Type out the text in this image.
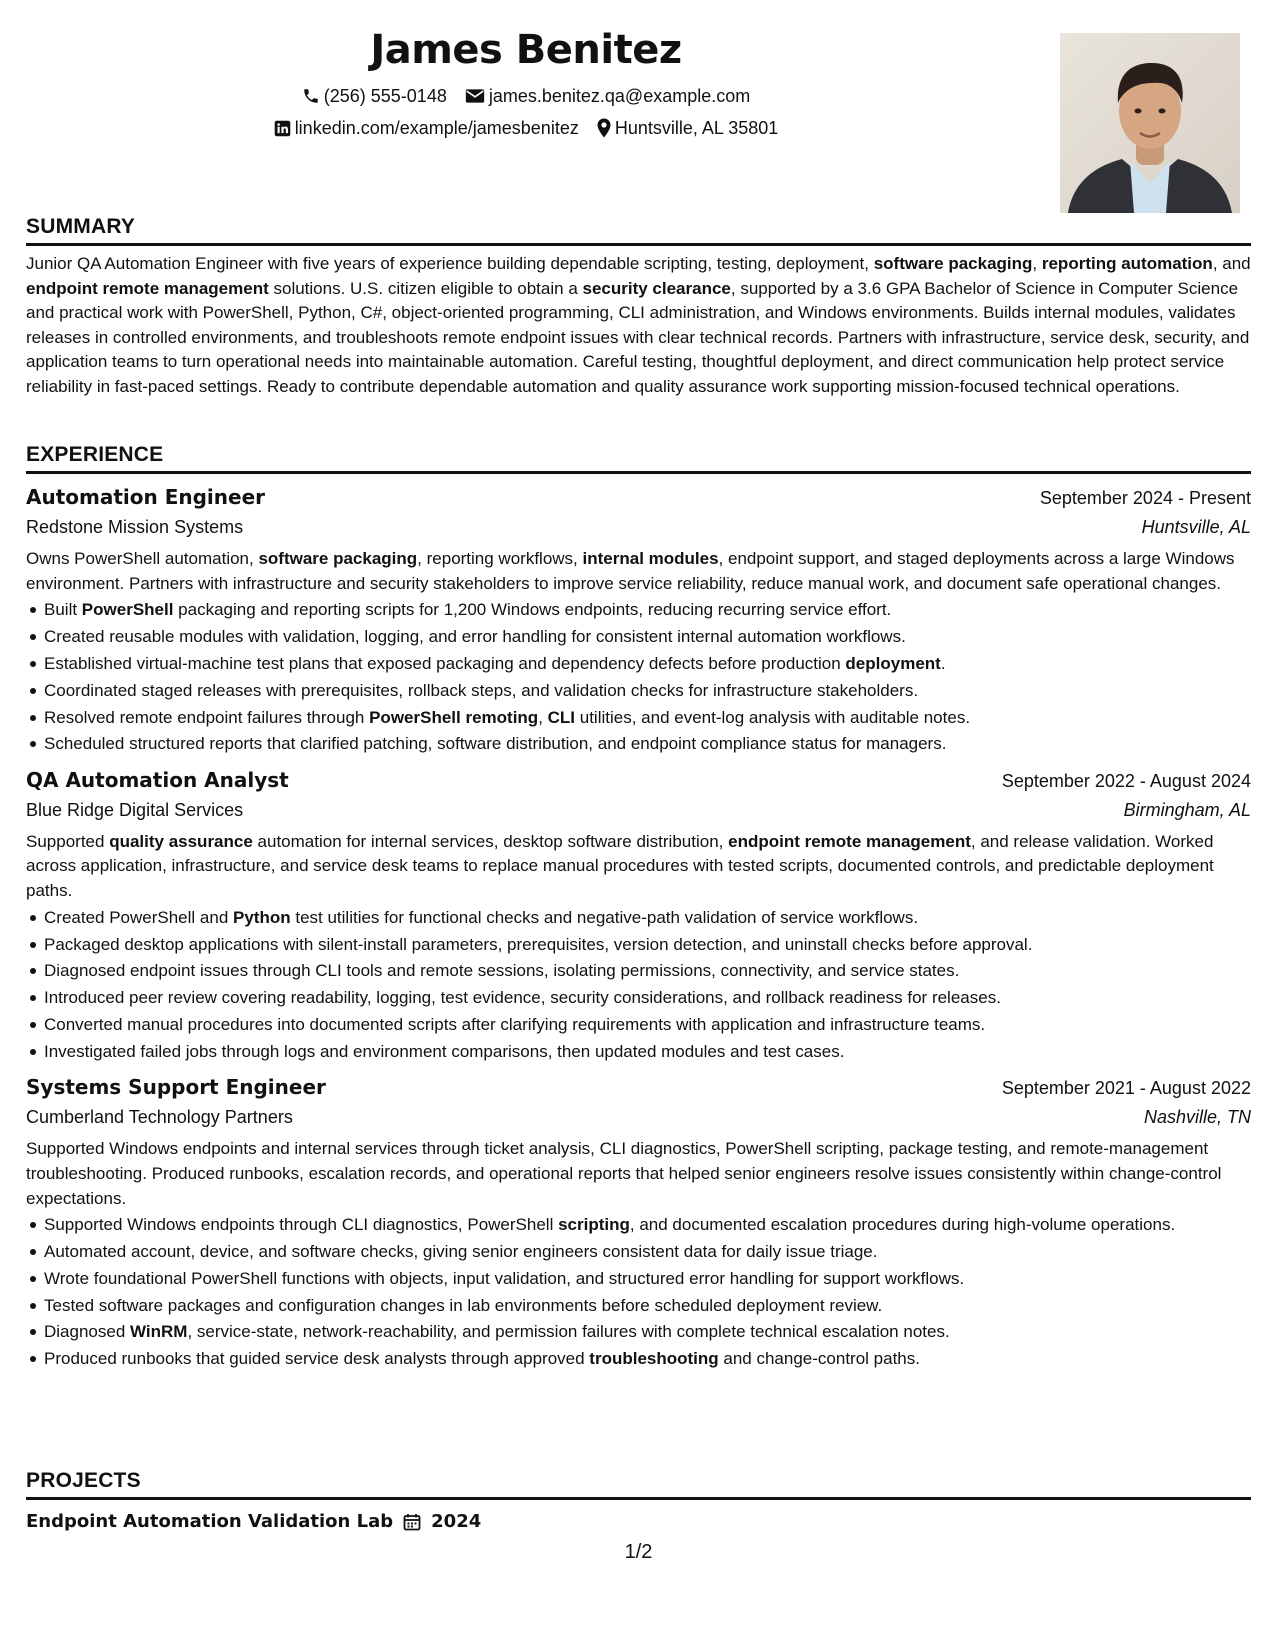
James Benitez
(256) 555-0148 james.benitez.qa@example.com
linkedin.com/example/jamesbenitez Huntsville, AL 35801
SUMMARY

Junior QA Automation Engineer with five years of experience building dependable scripting, testing, deployment, software packaging, reporting automation, and endpoint remote management solutions. U.S. citizen eligible to obtain a security clearance, supported by a 3.6 GPA Bachelor of Science in Computer Science and practical work with PowerShell, Python, C#, object-oriented programming, CLI administration, and Windows environments. Builds internal modules, validates releases in controlled environments, and troubleshoots remote endpoint issues with clear technical records. Partners with infrastructure, service desk, security, and application teams to turn operational needs into maintainable automation. Careful testing, thoughtful deployment, and direct communication help protect service reliability in fast-paced settings. Ready to contribute dependable automation and quality assurance work supporting mission-focused technical operations.

EXPERIENCE
Automation Engineer	September 2024 - Present
Redstone Mission Systems	Huntsville, AL

Owns PowerShell automation, software packaging, reporting workflows, internal modules, endpoint support, and staged deployments across a large Windows environment. Partners with infrastructure and security stakeholders to improve service reliability, reduce manual work, and document safe operational changes.

Built PowerShell packaging and reporting scripts for 1,200 Windows endpoints, reducing recurring service effort.
Created reusable modules with validation, logging, and error handling for consistent internal automation workflows.
Established virtual-machine test plans that exposed packaging and dependency defects before production deployment.
Coordinated staged releases with prerequisites, rollback steps, and validation checks for infrastructure stakeholders.
Resolved remote endpoint failures through PowerShell remoting, CLI utilities, and event-log analysis with auditable notes.
Scheduled structured reports that clarified patching, software distribution, and endpoint compliance status for managers.
QA Automation Analyst	September 2022 - August 2024
Blue Ridge Digital Services	Birmingham, AL

Supported quality assurance automation for internal services, desktop software distribution, endpoint remote management, and release validation. Worked across application, infrastructure, and service desk teams to replace manual procedures with tested scripts, documented controls, and predictable deployment paths.

Created PowerShell and Python test utilities for functional checks and negative-path validation of service workflows.
Packaged desktop applications with silent-install parameters, prerequisites, version detection, and uninstall checks before approval.
Diagnosed endpoint issues through CLI tools and remote sessions, isolating permissions, connectivity, and service states.
Introduced peer review covering readability, logging, test evidence, security considerations, and rollback readiness for releases.
Converted manual procedures into documented scripts after clarifying requirements with application and infrastructure teams.
Investigated failed jobs through logs and environment comparisons, then updated modules and test cases.
Systems Support Engineer	September 2021 - August 2022
Cumberland Technology Partners	Nashville, TN

Supported Windows endpoints and internal services through ticket analysis, CLI diagnostics, PowerShell scripting, package testing, and remote-management troubleshooting. Produced runbooks, escalation records, and operational reports that helped senior engineers resolve issues consistently within change-control expectations.

Supported Windows endpoints through CLI diagnostics, PowerShell scripting, and documented escalation procedures during high-volume operations.
Automated account, device, and software checks, giving senior engineers consistent data for daily issue triage.
Wrote foundational PowerShell functions with objects, input validation, and structured error handling for support workflows.
Tested software packages and configuration changes in lab environments before scheduled deployment review.
Diagnosed WinRM, service-state, network-reachability, and permission failures with complete technical escalation notes.
Produced runbooks that guided service desk analysts through approved troubleshooting and change-control paths.
PROJECTS
Endpoint Automation Validation Lab 2024
1/2
